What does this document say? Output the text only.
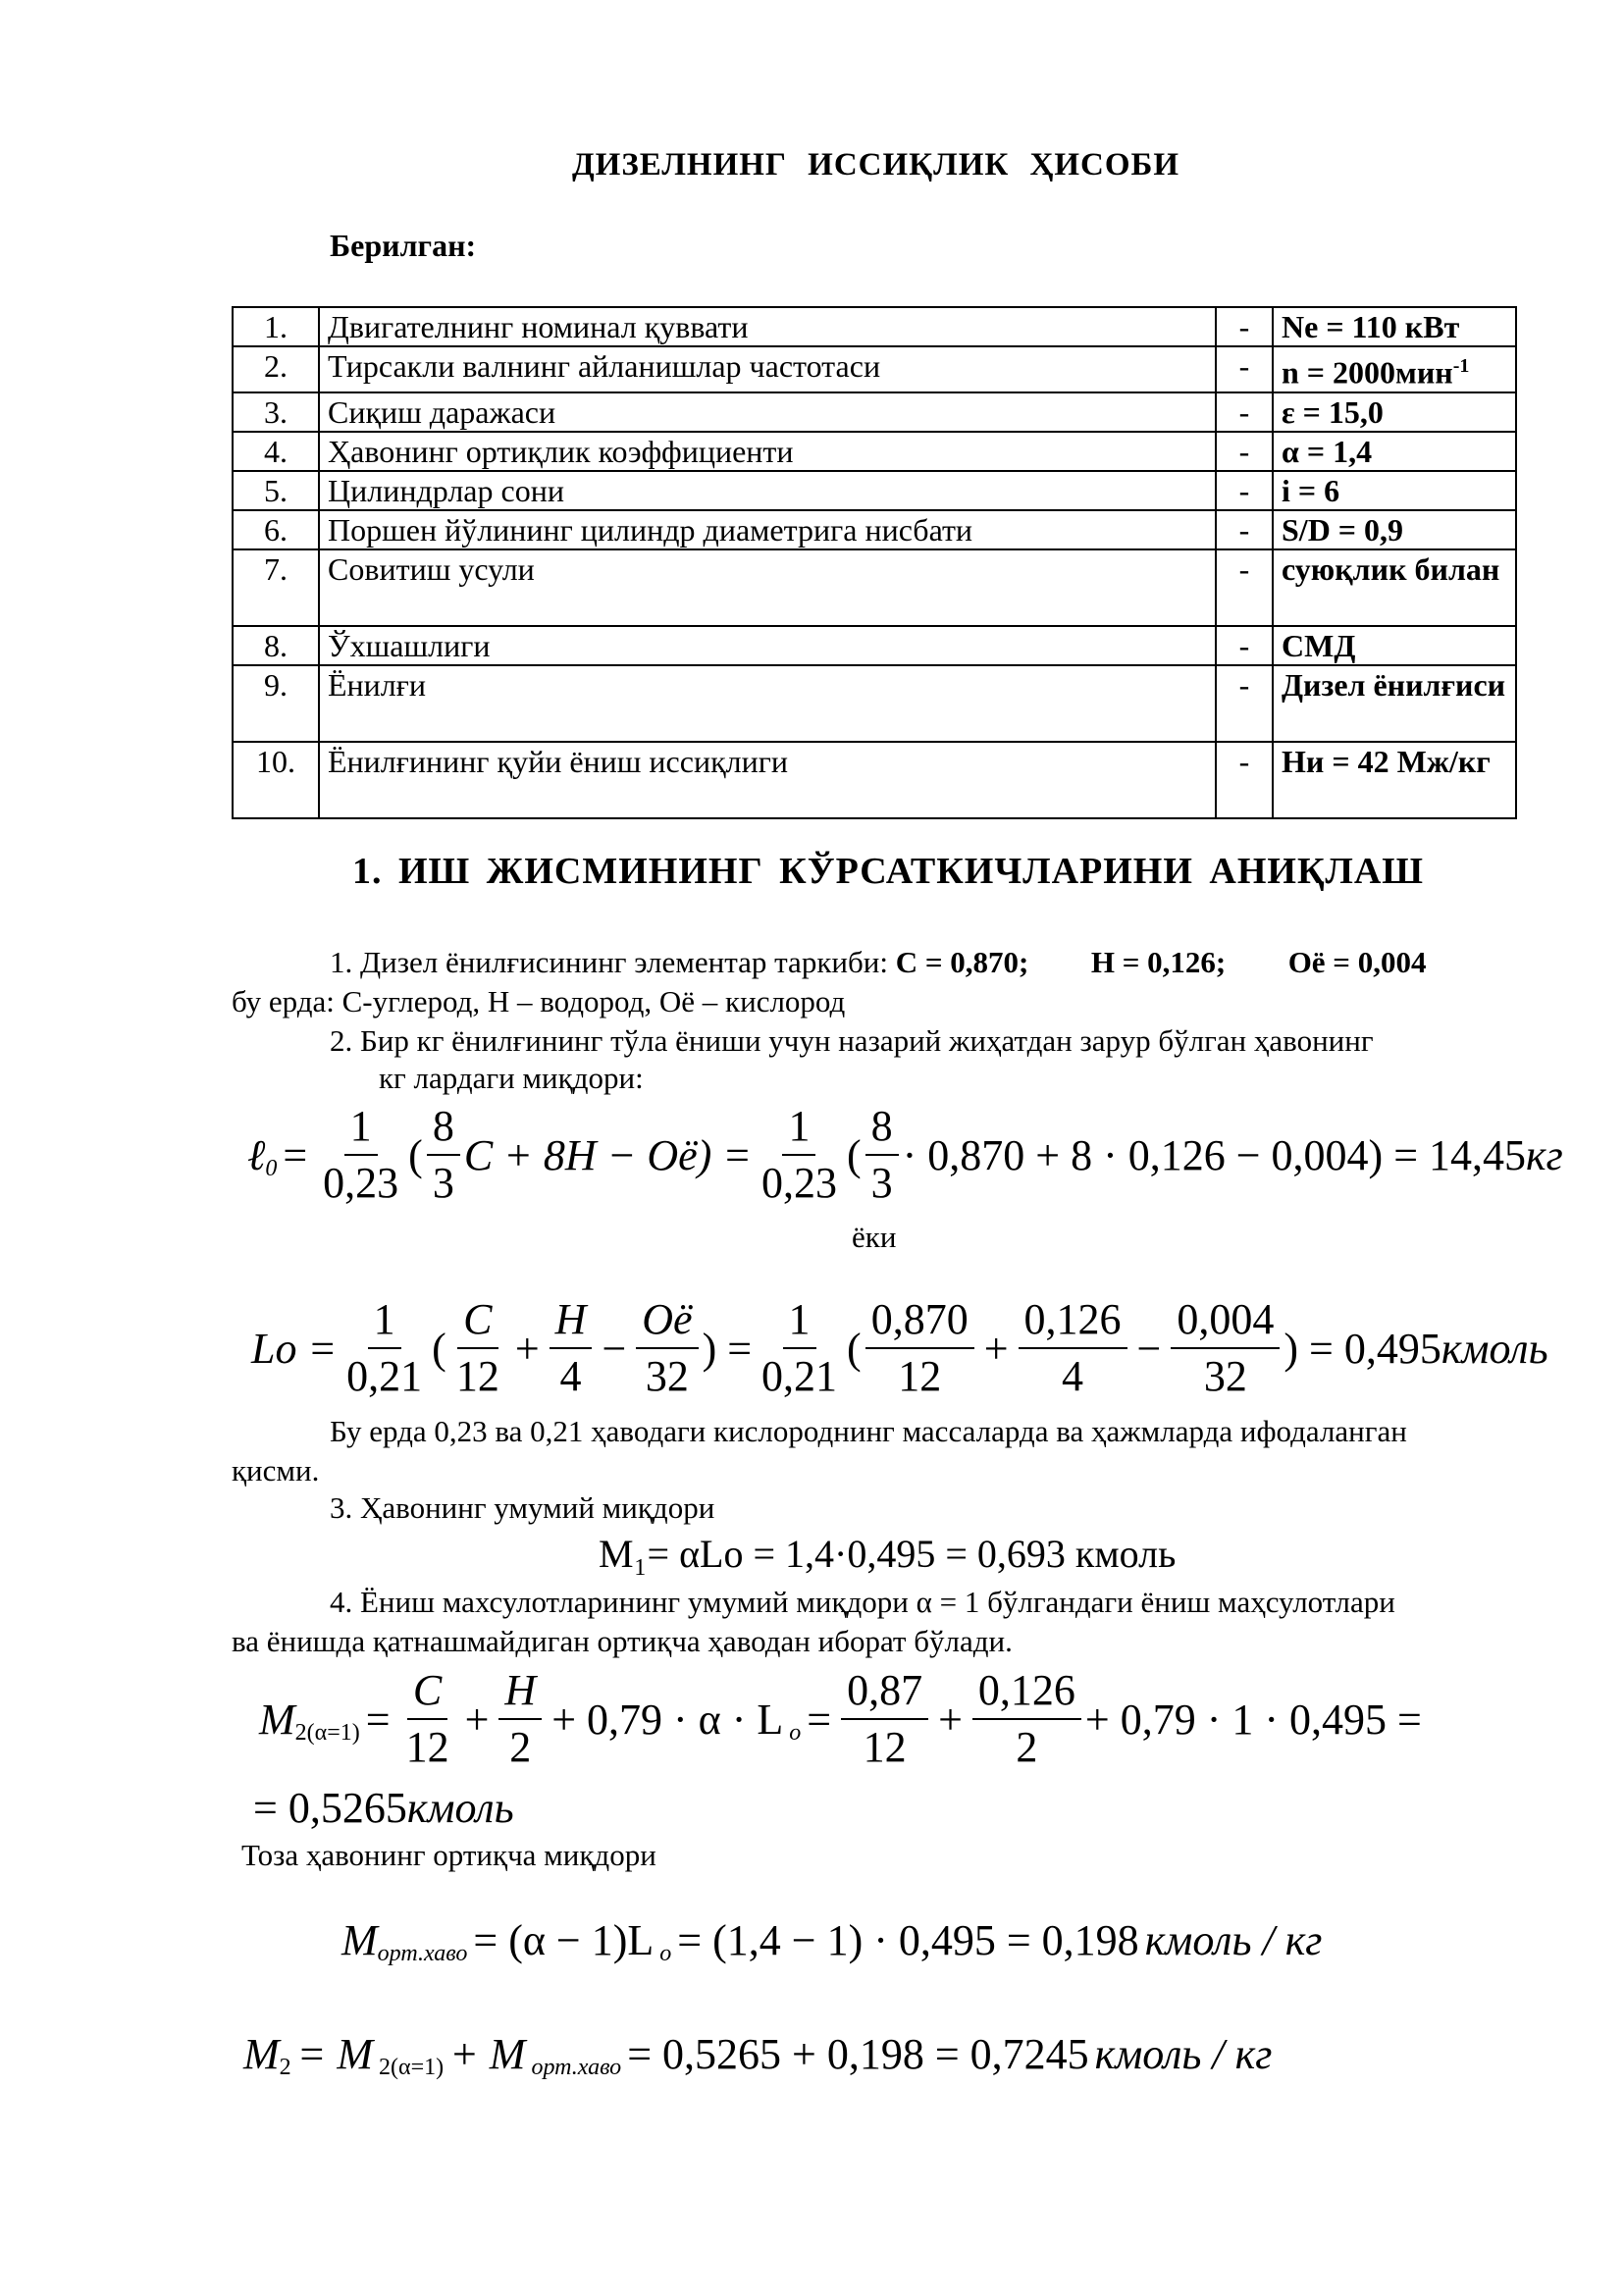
ДИЗЕЛНИНГ ИССИҚЛИК ҲИСОБИ
Берилган:
1.	Двигателнинг номинал қуввати	-	Ne = 110 кВт
2.	Тирсакли валнинг айланишлар частотаси	-	n = 2000мин$^{-1}$
3.	Сиқиш даражаси	-	ε = 15,0
4.	Ҳавонинг ортиқлик коэффициенти	-	α = 1,4
5.	Цилиндрлар сони	-	i = 6
6.	Поршен йўлининг цилиндр диаметрига нисбати	-	S/D = 0,9
7.	Совитиш усули	-	суюқлик билан
8.	Ўхшашлиги	-	СМД
9.	Ёнилғи	-	Дизел ёнилғиси
10.	Ёнилғининг қуйи ёниш иссиқлиги	-	Hи = 42 Мж/кг
1. ИШ ЖИСМИНИНГ КЎРСАТКИЧЛАРИНИ АНИҚЛАШ
1. Дизел ёнилғисининг элементар таркиби: С = 0,870; Н = 0,126; Оё = 0,004
бу ерда: С-углерод, Н – водород, Оё – кислород
2. Бир кг ёнилғининг тўла ёниши учун назарий жиҳатдан зарур бўлган ҳавонинг
кг лардаги миқдори:
ℓ $0 = \frac{1}{0,23}$ ( $\frac{8}{3}$ $C + 8H - Oё) = \frac{1}{0,23}$ ( $\frac{8}{3} \cdot 0,870 + 8 \cdot 0,126 - 0,004) = 14,45$ кг
ёки
$Lo = \frac{1}{0,21}$ ( $\frac{C}{12} + \frac{H}{4} - \frac{Oё}{32}$ ) = $\frac{1}{0,21}$ ( $\frac{0,870}{12} + \frac{0,126}{4} - \frac{0,004}{32}$ ) = 0,495 кмоль
Бу ерда 0,23 ва 0,21 ҳаводаги кислороднинг массаларда ва ҳажмларда ифодаланган
қисми.
3. Ҳавонинг умумий миқдори
M₁= αLo = 1,4·0,495 = 0,693 кмоль
4. Ёниш махсулотларининг умумий миқдори α = 1 бўлгандаги ёниш маҳсулотлари
ва ёнишда қатнашмайдиган ортиқча ҳаводан иборат бўлади.
M $2(\alpha=1) = \frac{C}{12} + \frac{H}{2} + 0,79 \cdot \alpha \cdot L$ $o = \frac{0,87}{12} + \frac{0,126}{2} + 0,79 \cdot 1 \cdot 0,495$ =
= 0,5265 кмоль
Тоза ҳавонинг ортиқча миқдори
M орт.хаво = (α − 1)L o = (1,4 − 1) · 0,495 = 0,198 кмоль / кг
M 2 = M 2(α=1) + M орт.хаво = 0,5265 + 0,198 = 0,7245 кмоль / кг
